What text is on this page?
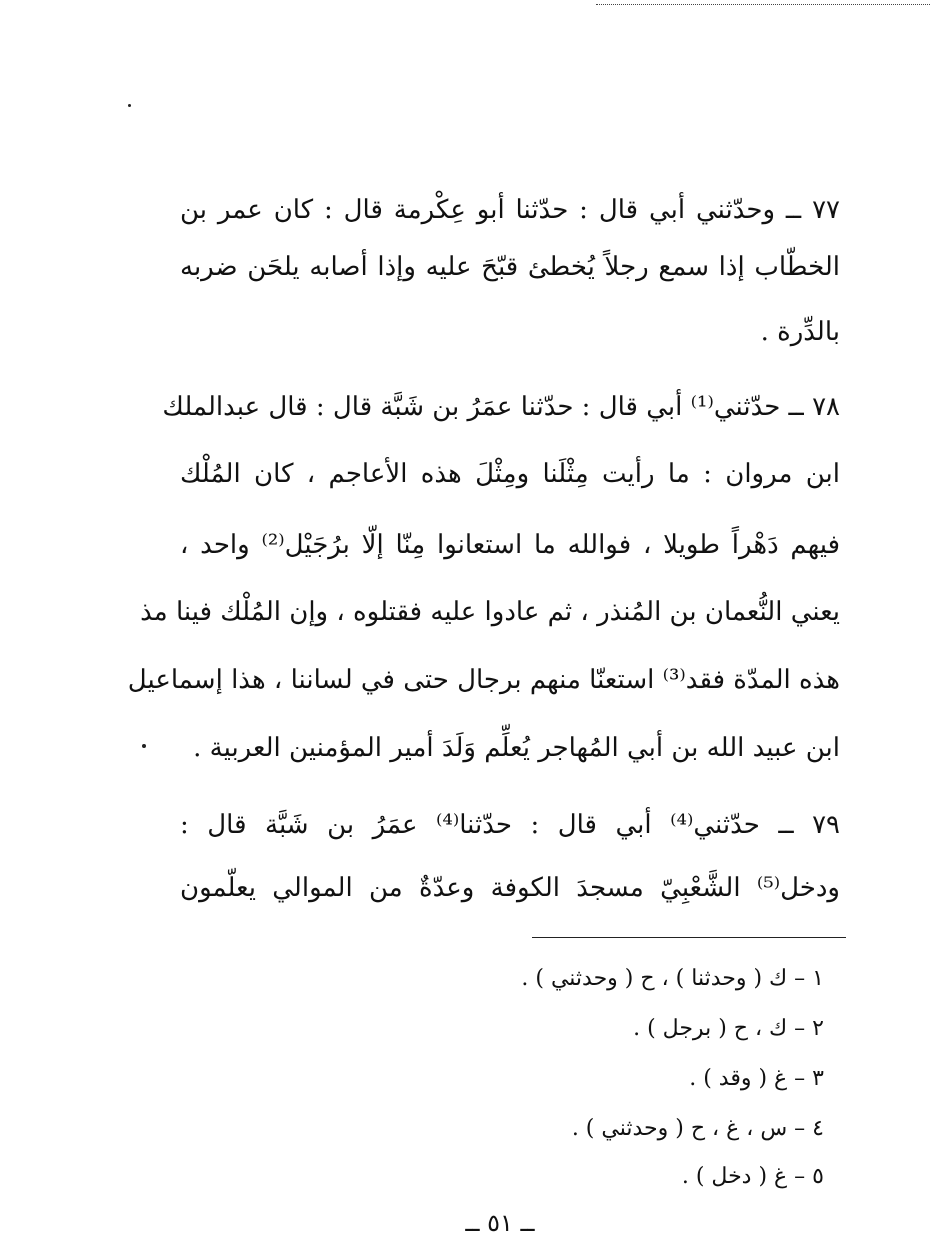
٧٧ ــ وحدّثني أبي قال : حدّثنا أبو عِكْرمة قال : كان عمر بن
الخطّاب إذا سمع رجلاً يُخطئ قبّحَ عليه وإذا أصابه يلحَن ضربه
بالدِّرة .
٧٨ ــ حدّثني⁽¹⁾ أبي قال : حدّثنا عمَرُ بن شَبَّة قال : قال عبدالملك
ابن مروان : ما رأيت مِثْلَنا ومِثْلَ هذه الأعاجم ، كان المُلْك
فيهم دَهْراً طويلا ، فوالله ما استعانوا مِنّا إلّا برُجَيْل⁽²⁾ واحد ،
يعني النُّعمان بن المُنذر ، ثم عادوا عليه فقتلوه ، وإن المُلْك فينا مذ
هذه المدّة فقد⁽³⁾ استعنّا منهم برجال حتى في لساننا ، هذا إسماعيل
ابن عبيد الله بن أبي المُهاجر يُعلِّم وَلَدَ أمير المؤمنين العربية .
٧٩ ــ حدّثني⁽⁴⁾ أبي قال : حدّثنا⁽⁴⁾ عمَرُ بن شَبَّة قال :
ودخل⁽⁵⁾ الشَّعْبِيّ مسجدَ الكوفة وعدّةٌ من الموالي يعلّمون
١ – ك ( وحدثنا ) ، ح ( وحدثني ) .
٢ – ك ، ح ( برجل ) .
٣ – غ ( وقد ) .
٤ – س ، غ ، ح ( وحدثني ) .
٥ – غ ( دخل ) .
ــ ٥١ ــ
